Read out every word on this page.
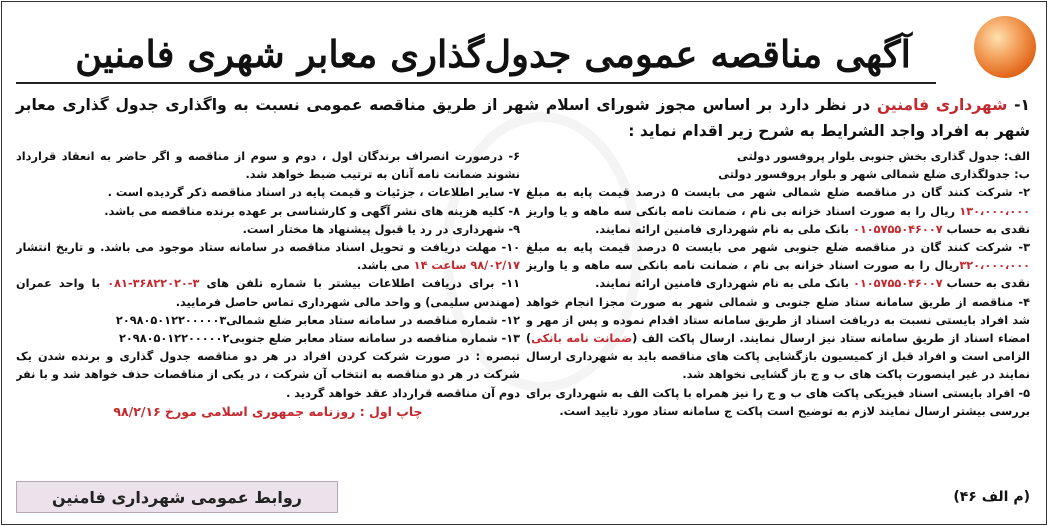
آگهی مناقصه عمومی جدول‌گذاری معابر شهری فامنین
۱- شهرداری فامنین در نظر دارد بر اساس مجوز شورای اسلام شهر از طریق مناقصه عمومی نسبت به واگذاری جدول گذاری معابر شهر به افراد واجد الشرایط به شرح زیر اقدام نماید :

الف: جدول گذاری بخش جنوبی بلوار پروفسور دولتی

ب: جدولگذاری ضلع شمالی شهر و بلوار پروفسور دولتی

۲- شرکت کنند گان در مناقصه ضلع شمالی شهر می بایست ۵ درصد قیمت پایه به مبلغ ۱۳۰،۰۰۰،۰۰۰ ریال را به صورت اسناد خزانه بی نام ، ضمانت نامه بانکی سه ماهه و یا واریز نقدی به حساب ۰۱۰۵۷۵۵۰۴۶۰۰۷ بانک ملی به نام شهرداری فامنین ارائه نمایند.

۳- شرکت کنند گان در مناقصه ضلع جنوبی شهر می بایست ۵ درصد قیمت پایه به مبلغ ۳۲۰،۰۰۰،۰۰۰ریال را به صورت اسناد خزانه بی نام ، ضمانت نامه بانکی سه ماهه و یا واریز نقدی به حساب ۰۱۰۵۷۵۵۰۴۶۰۰۷ بانک ملی به نام شهرداری فامنین ارائه نمایند.

۴- مناقصه از طریق سامانه ستاد ضلع جنوبی و شمالی شهر به صورت مجزا انجام خواهد شد افراد بایستی نسبت به دریافت اسناد از طریق سامانه ستاد اقدام نموده و پس از مهر و امضاء اسناد از طریق سامانه ستاد نیز ارسال نمایند. ارسال پاکت الف (ضمانت نامه بانکی) الزامی است و افراد قبل از کمیسیون بازگشایی پاکت های مناقصه باید به شهرداری ارسال نمایند در غیر اینصورت پاکت های ب و ج باز گشایی نخواهد شد.

۵- افراد بایستی اسناد فیزیکی پاکت های ب و ج را نیز همراه با پاکت الف به شهرداری برای بررسی بیشتر ارسال نمایند لازم به توضیح است پاکت ج سامانه ستاد مورد تایید است.

۶- درصورت انصراف برندگان اول ، دوم و سوم از مناقصه و اگر حاضر به انعقاد قرارداد نشوند ضمانت نامه آنان به ترتیب ضبط خواهد شد.

۷- سایر اطلاعات ، جزئیات و قیمت پایه در اسناد مناقصه ذکر گردیده است .

۸- کلیه هزینه های نشر آگهی و کارشناسی بر عهده برنده مناقصه می باشد.

۹- شهرداری در رد یا قبول پیشنهاد ها مختار است.

۱۰- مهلت دریافت و تحویل اسناد مناقصه در سامانه ستاد موجود می باشد. و تاریخ انتشار ۹۸/۰۲/۱۷ ساعت ۱۴ می باشد.

۱۱- برای دریافت اطلاعات بیشتر با شماره تلفن های ۳-۳۶۸۲۲۰۲۰-۰۸۱ با واحد عمران (مهندس سلیمی) و واحد مالی شهرداری تماس حاصل فرمایید.

۱۲- شماره مناقصه در سامانه ستاد معابر ضلع شمالی۲۰۹۸۰۵۰۱۲۲۰۰۰۰۰۳

۱۳- شماره مناقصه در سامانه ستاد معابر ضلع جنوبی۲۰۹۸۰۵۰۱۲۲۰۰۰۰۰۲

تبصره : در صورت شرکت کردن افراد در هر دو مناقصه جدول گذاری و برنده شدن یک شرکت در هر دو مناقصه به انتخاب آن شرکت ، در یکی از مناقصات حذف خواهد شد و با نفر دوم آن مناقصه قرارداد عقد خواهد گردید .

چاپ اول : روزنامه جمهوری اسلامی مورخ ۹۸/۲/۱۶

(م الف ۴۶)
روابط عمومی شهرداری فامنین
